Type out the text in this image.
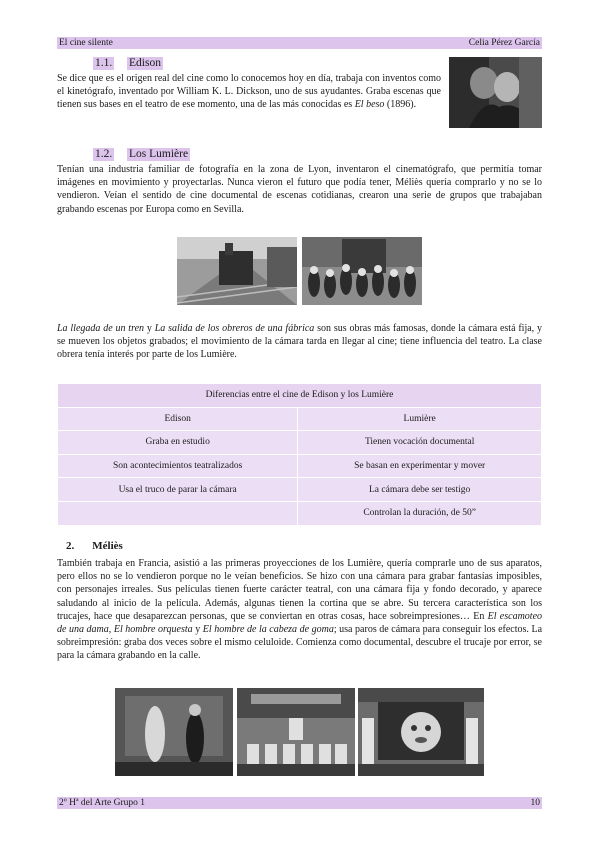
El cine silente	Celia Pérez García
1.1. Edison

Se dice que es el origen real del cine como lo conocemos hoy en día, trabaja con inventos como el kinetógrafo, inventado por William K. L. Dickson, uno de sus ayudantes. Graba escenas que tienen sus bases en el teatro de ese momento, una de las más conocidas es El beso (1896).

1.2. Los Lumière

Tenían una industria familiar de fotografía en la zona de Lyon, inventaron el cinematógrafo, que permitía tomar imágenes en movimiento y proyectarlas. Nunca vieron el futuro que podía tener, Méliès quería comprarlo y no se lo vendieron. Veían el sentido de cine documental de escenas cotidianas, crearon una serie de grupos que trabajaban grabando escenas por Europa como en Sevilla.

La llegada de un tren y La salida de los obreros de una fábrica son sus obras más famosas, donde la cámara está fija, y se mueven los objetos grabados; el movimiento de la cámara tarda en llegar al cine; tiene influencia del teatro. La clase obrera tenía interés por parte de los Lumière.

Diferencias entre el cine de Edison y los Lumière	
Edison	Lumière
Graba en estudio	Tienen vocación documental
Son acontecimientos teatralizados	Se basan en experimentar y mover
Usa el truco de parar la cámara	La cámara debe ser testigo
	Controlan la duración, de 50”
2. Méliès

También trabaja en Francia, asistió a las primeras proyecciones de los Lumière, quería comprarle uno de sus aparatos, pero ellos no se lo vendieron porque no le veían beneficios. Se hizo con una cámara para grabar fantasías imposibles, con personajes irreales. Sus películas tienen fuerte carácter teatral, con una cámara fija y fondo decorado, y aparece saludando al inicio de la película. Además, algunas tienen la cortina que se abre. Su tercera característica son los trucajes, hace que desaparezcan personas, que se conviertan en otras cosas, hace sobreimpresiones… En El escamoteo de una dama, El hombre orquesta y El hombre de la cabeza de goma; usa paros de cámara para conseguir los efectos. La sobreimpresión: graba dos veces sobre el mismo celuloide. Comienza como documental, descubre el trucaje por error, se para la cámara grabando en la calle.

2º Hª del Arte Grupo 1	10
